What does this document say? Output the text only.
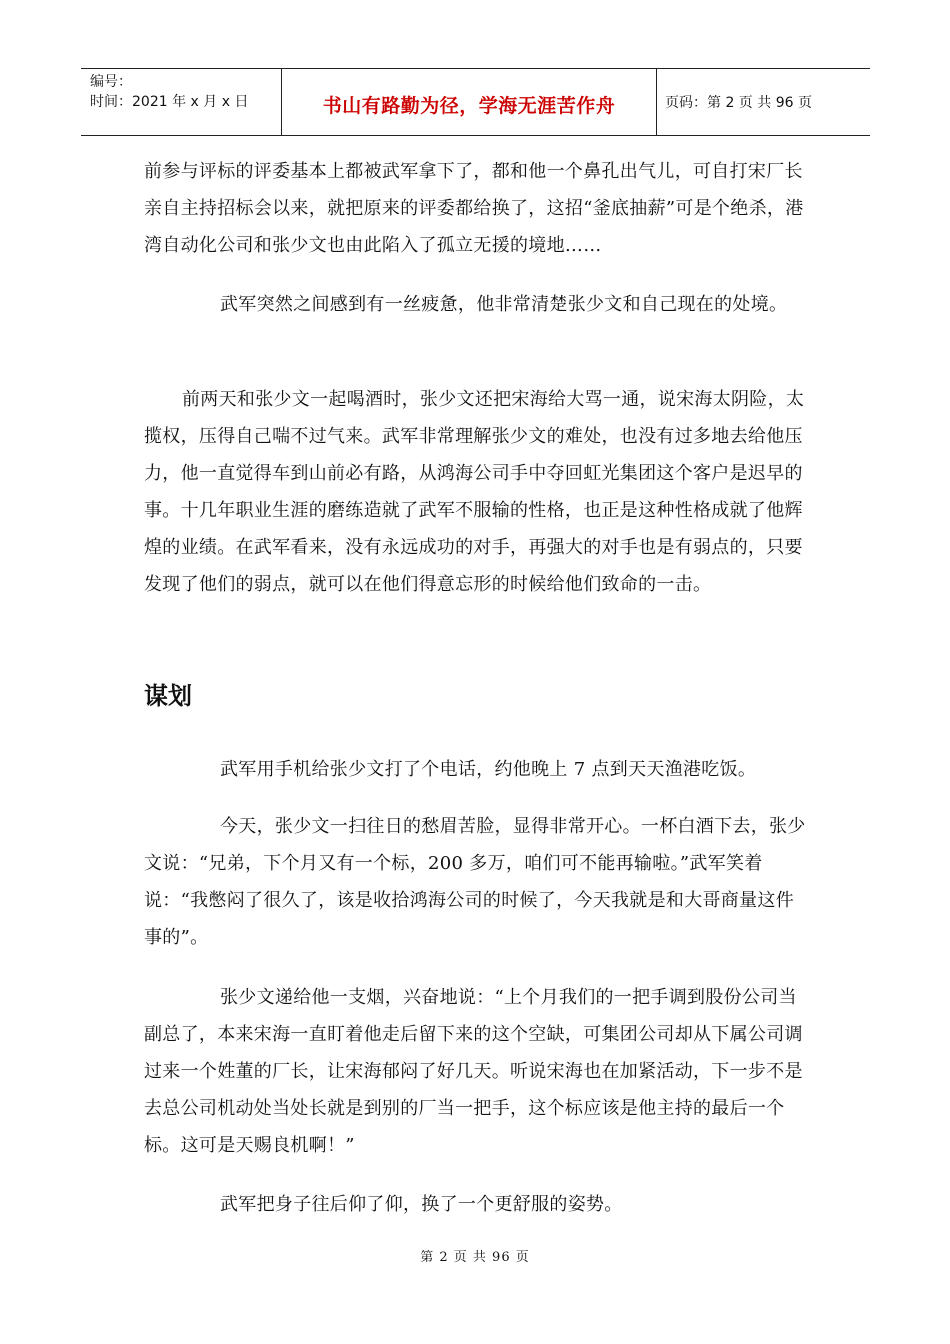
编号：
时间：2021 年 x 月 x 日	书山有路勤为径，学海无涯苦作舟	页码：第 2 页 共 96 页

前参与评标的评委基本上都被武军拿下了，都和他一个鼻孔出气儿，可自打宋厂长亲自主持招标会以来，就把原来的评委都给换了，这招“釜底抽薪”可是个绝杀，港湾自动化公司和张少文也由此陷入了孤立无援的境地……

武军突然之间感到有一丝疲惫，他非常清楚张少文和自己现在的处境。

前两天和张少文一起喝酒时，张少文还把宋海给大骂一通，说宋海太阴险，太揽权，压得自己喘不过气来。武军非常理解张少文的难处，也没有过多地去给他压力，他一直觉得车到山前必有路，从鸿海公司手中夺回虹光集团这个客户是迟早的事。十几年职业生涯的磨练造就了武军不服输的性格，也正是这种性格成就了他辉煌的业绩。在武军看来，没有永远成功的对手，再强大的对手也是有弱点的，只要发现了他们的弱点，就可以在他们得意忘形的时候给他们致命的一击。

谋划

武军用手机给张少文打了个电话，约他晚上 7 点到天天渔港吃饭。

今天，张少文一扫往日的愁眉苦脸，显得非常开心。一杯白酒下去，张少文说：“兄弟，下个月又有一个标，200 多万，咱们可不能再输啦。”武军笑着说：“我憋闷了很久了，该是收拾鸿海公司的时候了，今天我就是和大哥商量这件事的”。

张少文递给他一支烟，兴奋地说：“上个月我们的一把手调到股份公司当副总了，本来宋海一直盯着他走后留下来的这个空缺，可集团公司却从下属公司调过来一个姓董的厂长，让宋海郁闷了好几天。听说宋海也在加紧活动，下一步不是去总公司机动处当处长就是到别的厂当一把手，这个标应该是他主持的最后一个标。这可是天赐良机啊！”

武军把身子往后仰了仰，换了一个更舒服的姿势。

第 2 页 共 96 页
